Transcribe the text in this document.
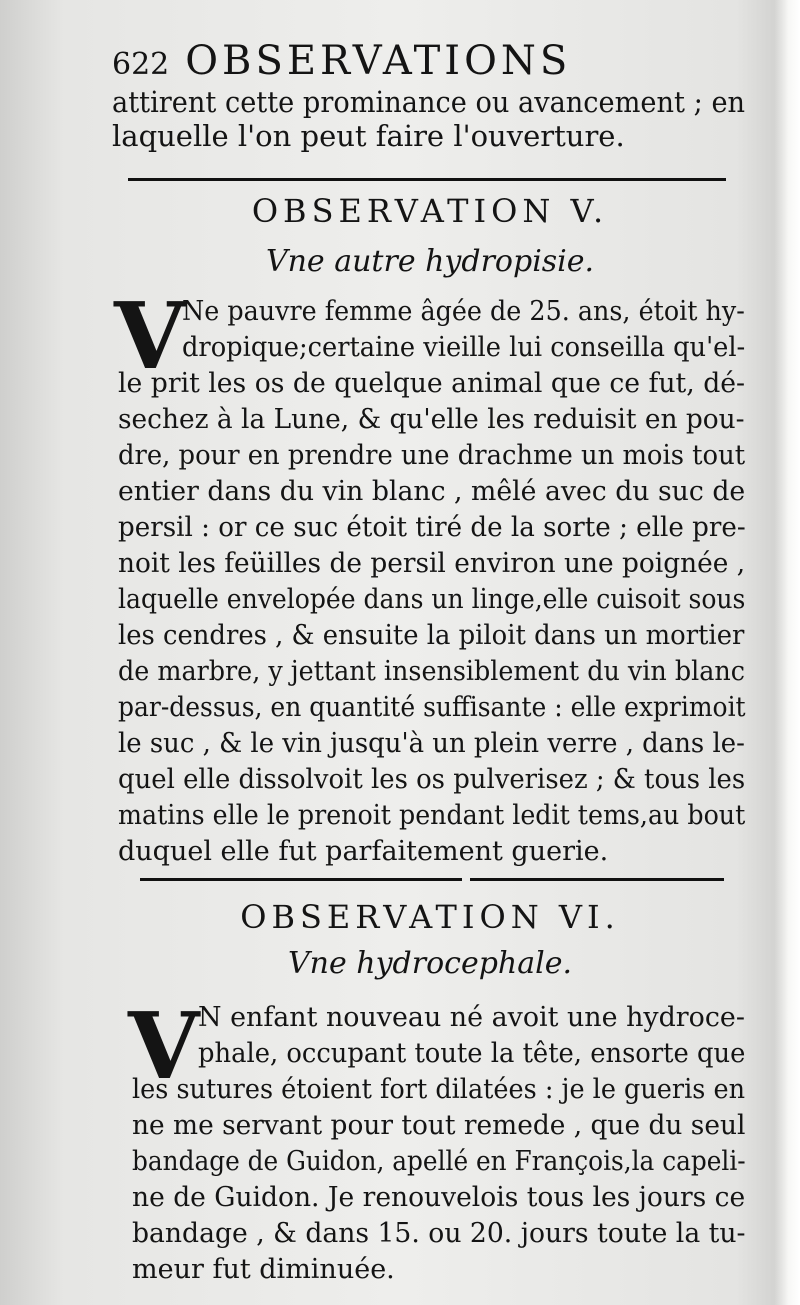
622 OBSERVATIONS
attirent cette prominance ou avancement ; en
laquelle l'on peut faire l'ouverture.
OBSERVATION V.
Vne autre hydropisie.
V
Ne pauvre femme âgée de 25. ans, étoit hy-
dropique;certaine vieille lui conseilla qu'el-
le prit les os de quelque animal que ce fut, dé-
sechez à la Lune, & qu'elle les reduisit en pou-
dre, pour en prendre une drachme un mois tout
entier dans du vin blanc , mêlé avec du suc de
persil : or ce suc étoit tiré de la sorte ; elle pre-
noit les feüilles de persil environ une poignée ,
laquelle envelopée dans un linge,elle cuisoit sous
les cendres , & ensuite la piloit dans un mortier
de marbre, y jettant insensiblement du vin blanc
par-dessus, en quantité suffisante : elle exprimoit
le suc , & le vin jusqu'à un plein verre , dans le-
quel elle dissolvoit les os pulverisez ; & tous les
matins elle le prenoit pendant ledit tems,au bout
duquel elle fut parfaitement guerie.
OBSERVATION VI.
Vne hydrocephale.
V
N enfant nouveau né avoit une hydroce-
phale, occupant toute la tête, ensorte que
les sutures étoient fort dilatées : je le gueris en
ne me servant pour tout remede , que du seul
bandage de Guidon, apellé en François,la capeli-
ne de Guidon. Je renouvelois tous les jours ce
bandage , & dans 15. ou 20. jours toute la tu-
meur fut diminuée.
